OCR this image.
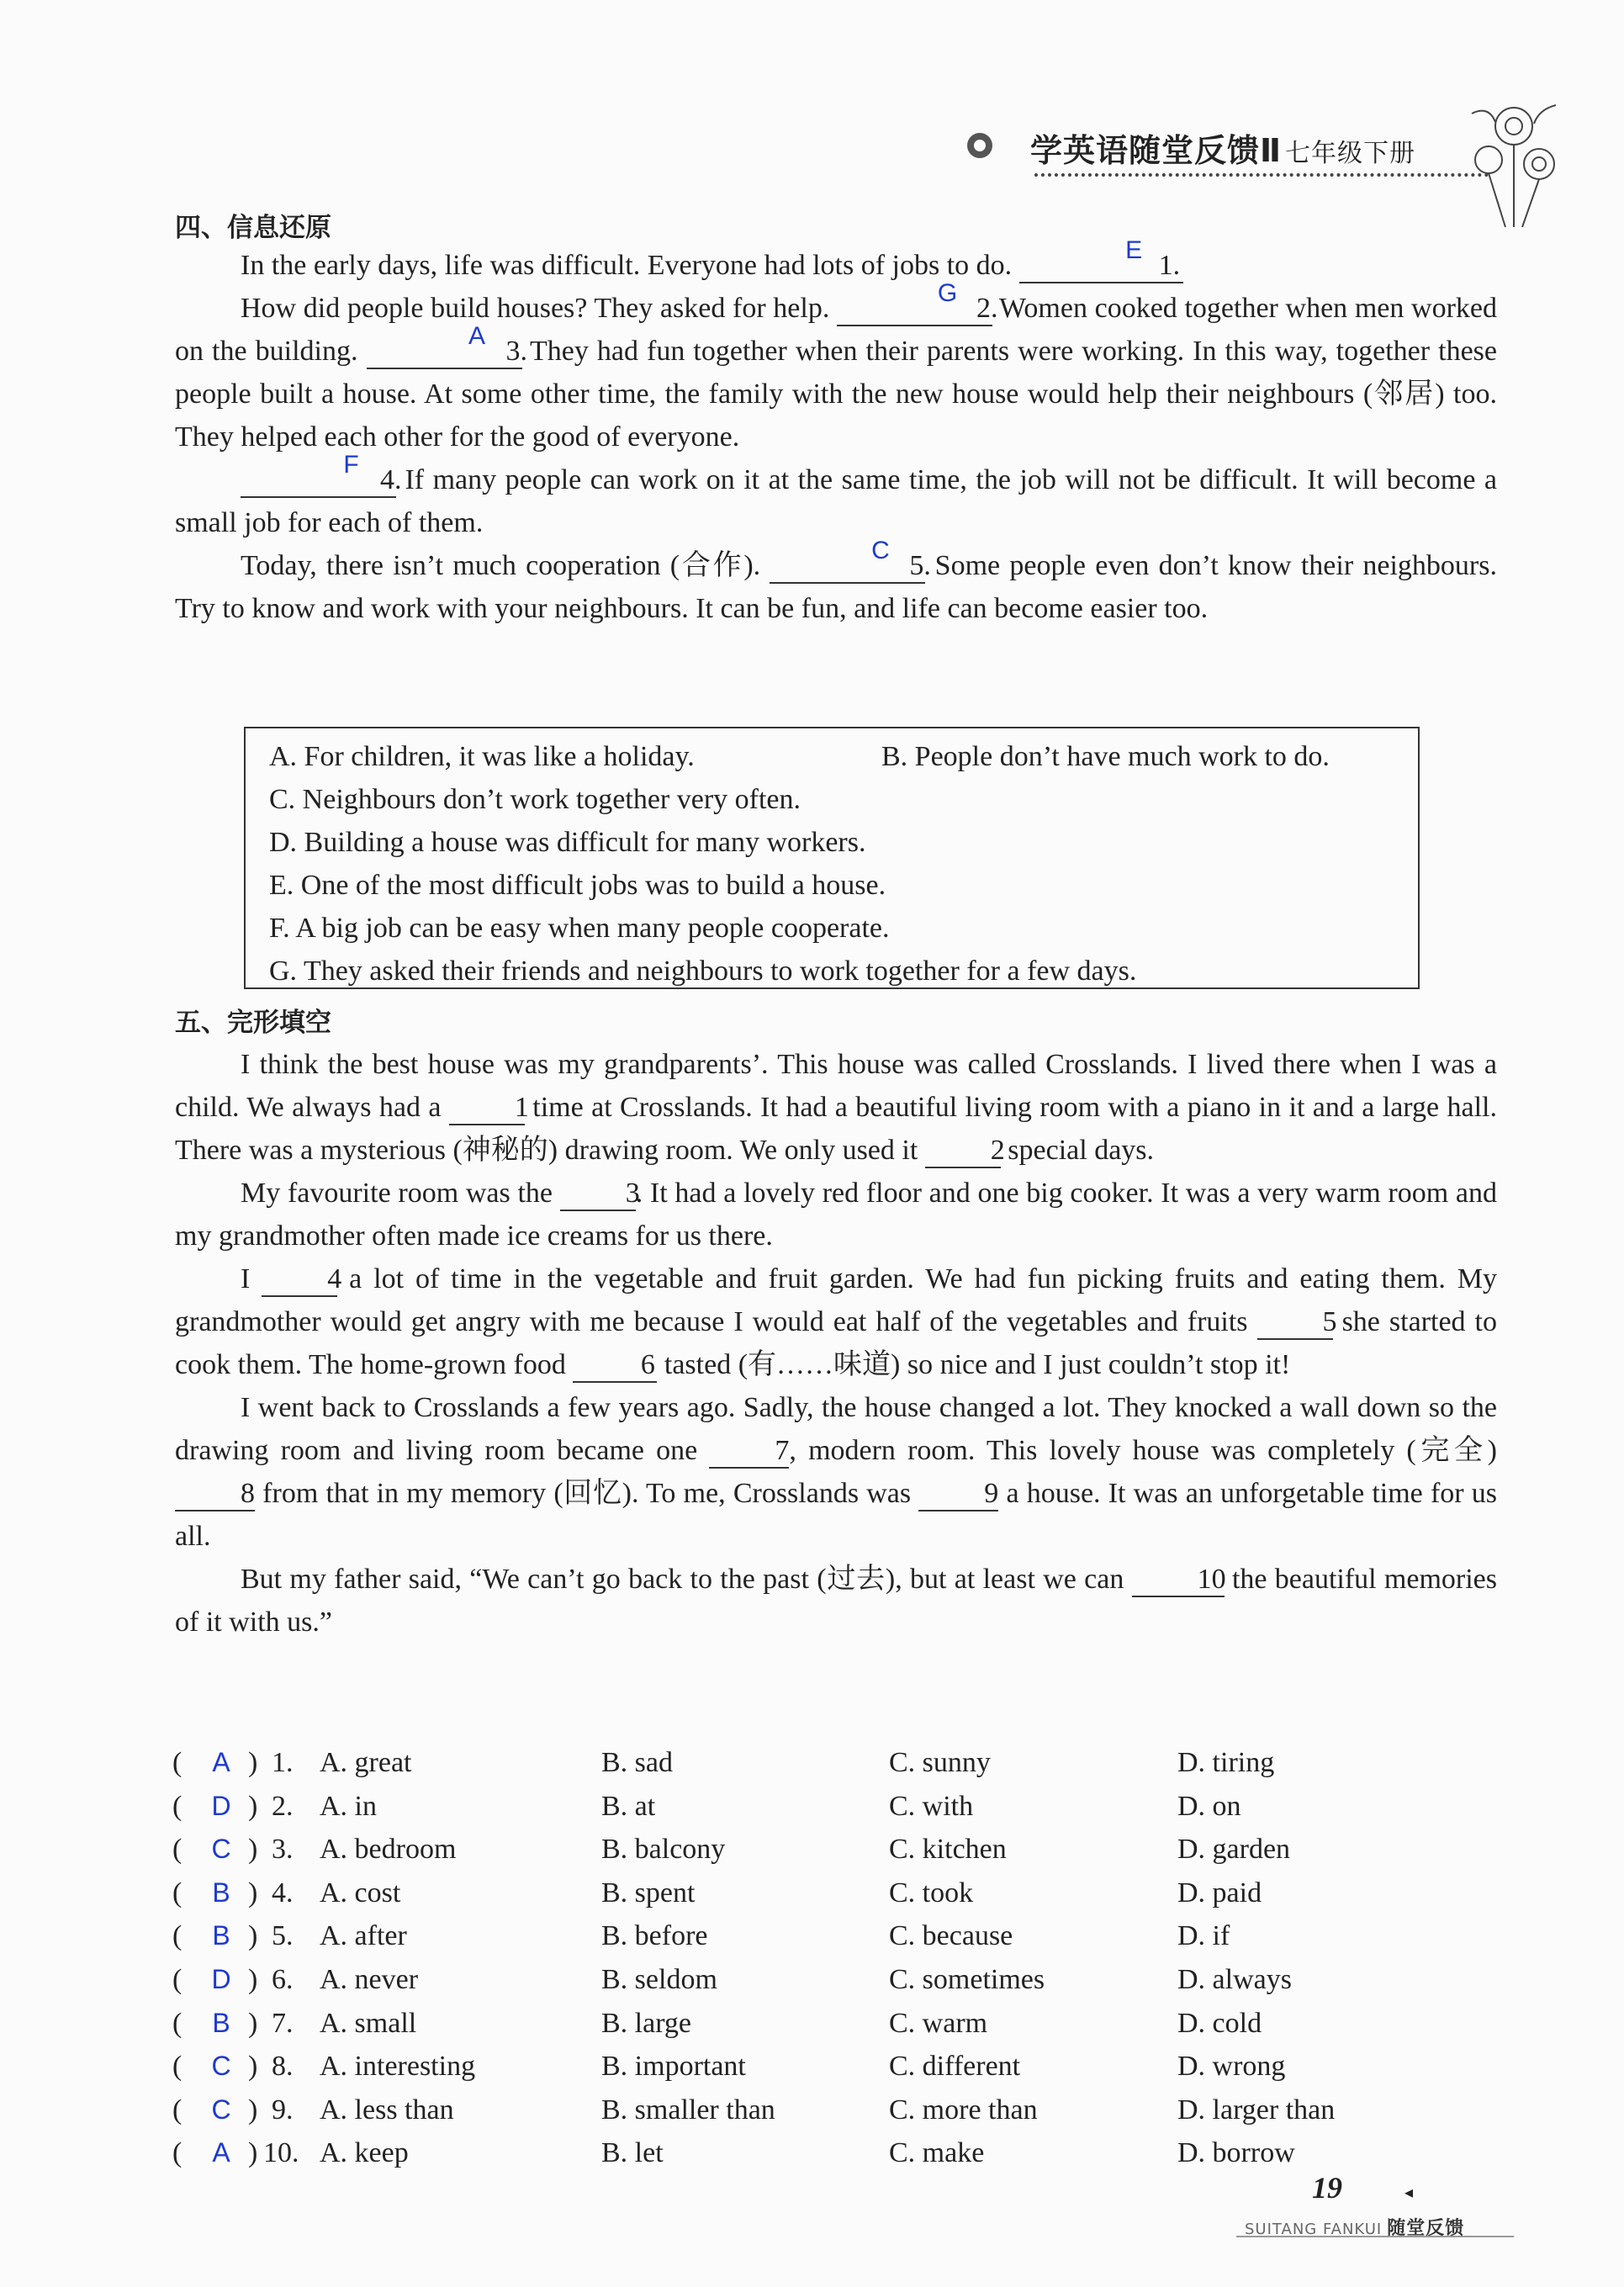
学英语随堂反馈Ⅱ 七年级下册
四、信息还原

In the early days, life was difficult. Everyone had lots of jobs to do.	1.
E

How did people build houses? They asked for help.	2.
G	Women cooked together when men worked on the building.	3.
A	They had fun together when their parents were working. In this way, together these people built a house. At some other time, the family with the new house would help their neighbours (邻居) too. They helped each other for the good of everyone.

4.
F	If many people can work on it at the same time, the job will not be difficult. It will become a small job for each of them.

Today, there isn’t much cooperation (合作).	5.
C	Some people even don’t know their neighbours. Try to know and work with your neighbours. It can be fun, and life can become easier too.

A. For children, it was like a holiday.	B. People don’t have much work to do.
C. Neighbours don’t work together very often.
D. Building a house was difficult for many workers.
E. One of the most difficult jobs was to build a house.
F. A big job can be easy when many people cooperate.
G. They asked their friends and neighbours to work together for a few days.
五、完形填空

I think the best house was my grandparents’. This house was called Crosslands. I lived there when I was a child. We always had a 1 time at Crosslands. It had a beautiful living room with a piano in it and a large hall. There was a mysterious (神秘的) drawing room. We only used it 2 special days.

My favourite room was the 3. It had a lovely red floor and one big cooker. It was a very warm room and my grandmother often made ice creams for us there.

I 4 a lot of time in the vegetable and fruit garden. We had fun picking fruits and eating them. My grandmother would get angry with me because I would eat half of the vegetables and fruits 5 she started to cook them. The home-grown food 6 tasted (有……味道) so nice and I just couldn’t stop it!

I went back to Crosslands a few years ago. Sadly, the house changed a lot. They knocked a wall down so the drawing room and living room became one 7, modern room. This lovely house was completely (完全) 8 from that in my memory (回忆). To me, Crosslands was 9 a house. It was an unforgetable time for us all.

But my father said, “We can’t go back to the past (过去), but at least we can 10 the beautiful memories of it with us.”

( A ) 1. A. great	B. sad	C. sunny	D. tiring
( D ) 2. A. in	B. at	C. with	D. on
( C ) 3. A. bedroom	B. balcony	C. kitchen	D. garden
( B ) 4. A. cost	B. spent	C. took	D. paid
( B ) 5. A. after	B. before	C. because	D. if
( D ) 6. A. never	B. seldom	C. sometimes	D. always
( B ) 7. A. small	B. large	C. warm	D. cold
( C ) 8. A. interesting	B. important	C. different	D. wrong
( C ) 9. A. less than	B. smaller than	C. more than	D. larger than
( A ) 10. A. keep	B. let	C. make	D. borrow
19	◂
SUITANG FANKUI 随堂反馈
